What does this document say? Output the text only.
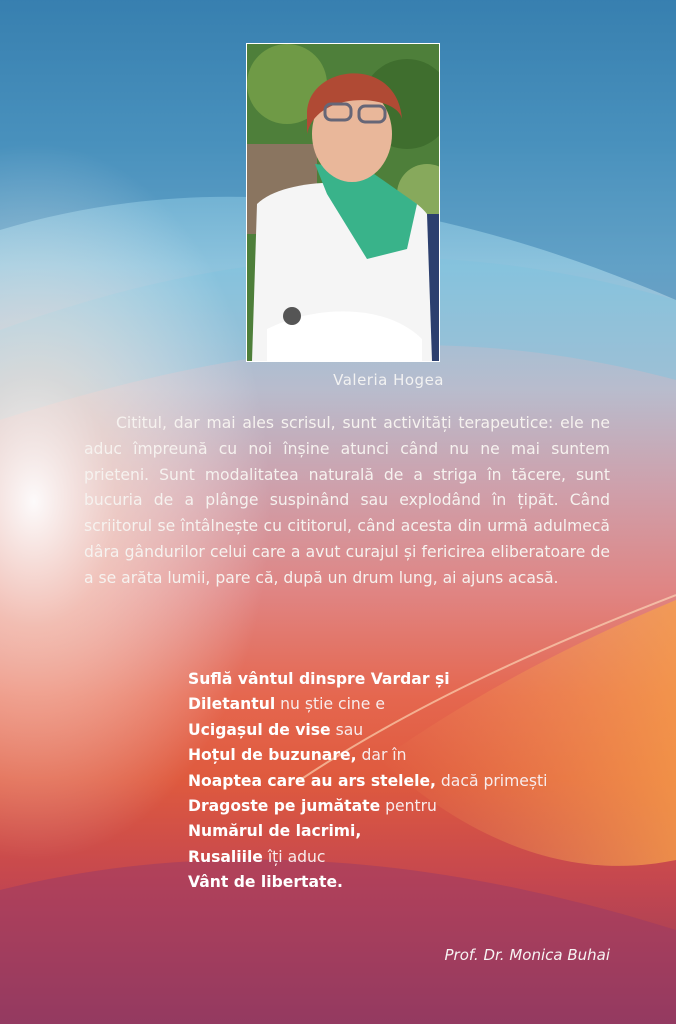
Valeria Hogea

Cititul, dar mai ales scrisul, sunt activități terapeutice: ele ne aduc împreună cu noi înșine atunci când nu ne mai suntem prieteni. Sunt modalitatea naturală de a striga în tăcere, sunt bucuria de a plânge suspinând sau explodând în țipăt. Când scriitorul se întâlnește cu cititorul, când acesta din urmă adulmecă dâra gândurilor celui care a avut curajul și fericirea eliberatoare de a se arăta lumii, pare că, după un drum lung, ai ajuns acasă.

Suflă vântul dinspre Vardar și
Diletantul nu știe cine e
Ucigașul de vise sau
Hoțul de buzunare, dar în
Noaptea care au ars stelele, dacă primești
Dragoste pe jumătate pentru
Numărul de lacrimi,
Rusaliile îți aduc
Vânt de libertate.
Prof. Dr. Monica Buhai
